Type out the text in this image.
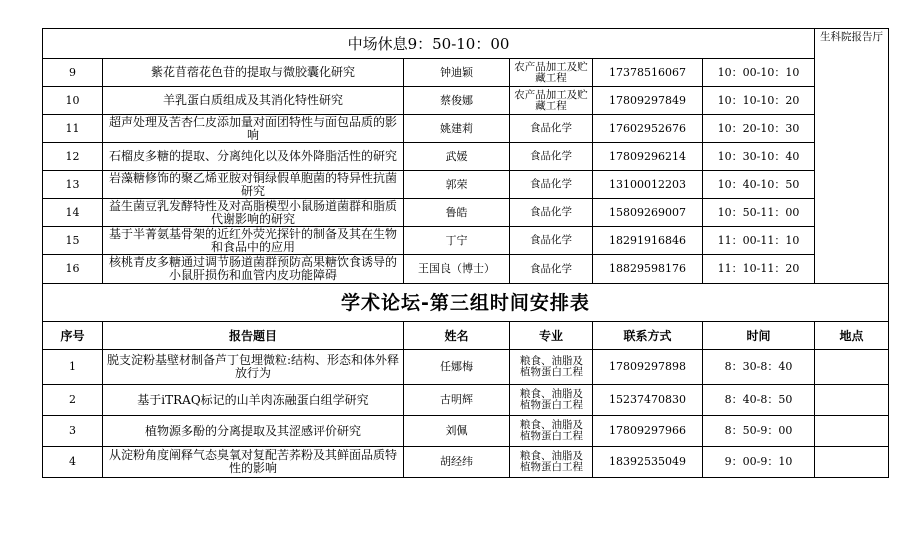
中场休息9：50-10：00						生科院报告厅
9	紫花苜蓿花色苷的提取与微胶囊化研究	钟迪颖	农产品加工及贮藏工程	17378516067	10：00-10：10	
10	羊乳蛋白质组成及其消化特性研究	蔡俊娜	农产品加工及贮藏工程	17809297849	10：10-10：20	
11	超声处理及苦杏仁皮添加量对面团特性与面包品质的影响	姚建莉	食品化学	17602952676	10：20-10：30	
12	石榴皮多糖的提取、分离纯化以及体外降脂活性的研究	武媛	食品化学	17809296214	10：30-10：40	
13	岩藻糖修饰的聚乙烯亚胺对铜绿假单胞菌的特异性抗菌研究	郭荣	食品化学	13100012203	10：40-10：50	
14	益生菌豆乳发酵特性及对高脂模型小鼠肠道菌群和脂质代谢影响的研究	鲁皓	食品化学	15809269007	10：50-11：00	
15	基于半菁氨基骨架的近红外荧光探针的制备及其在生物和食品中的应用	丁宁	食品化学	18291916846	11：00-11：10	
16	核桃青皮多糖通过调节肠道菌群预防高果糖饮食诱导的小鼠肝损伤和血管内皮功能障碍	王国良（博士）	食品化学	18829598176	11：10-11：20	
学术论坛-第三组时间安排表						
序号	报告题目	姓名	专业	联系方式	时间	地点
1	脱支淀粉基壁材制备芦丁包埋微粒:结构、形态和体外释放行为	任娜梅	粮食、油脂及植物蛋白工程	17809297898	8：30-8：40	
2	基于iTRAQ标记的山羊肉冻融蛋白组学研究	古明辉	粮食、油脂及植物蛋白工程	15237470830	8：40-8：50	
3	植物源多酚的分离提取及其涩感评价研究	刘佩	粮食、油脂及植物蛋白工程	17809297966	8：50-9：00	
4	从淀粉角度阐释气态臭氧对复配苦荞粉及其鲜面品质特性的影响	胡经纬	粮食、油脂及植物蛋白工程	18392535049	9：00-9：10	
